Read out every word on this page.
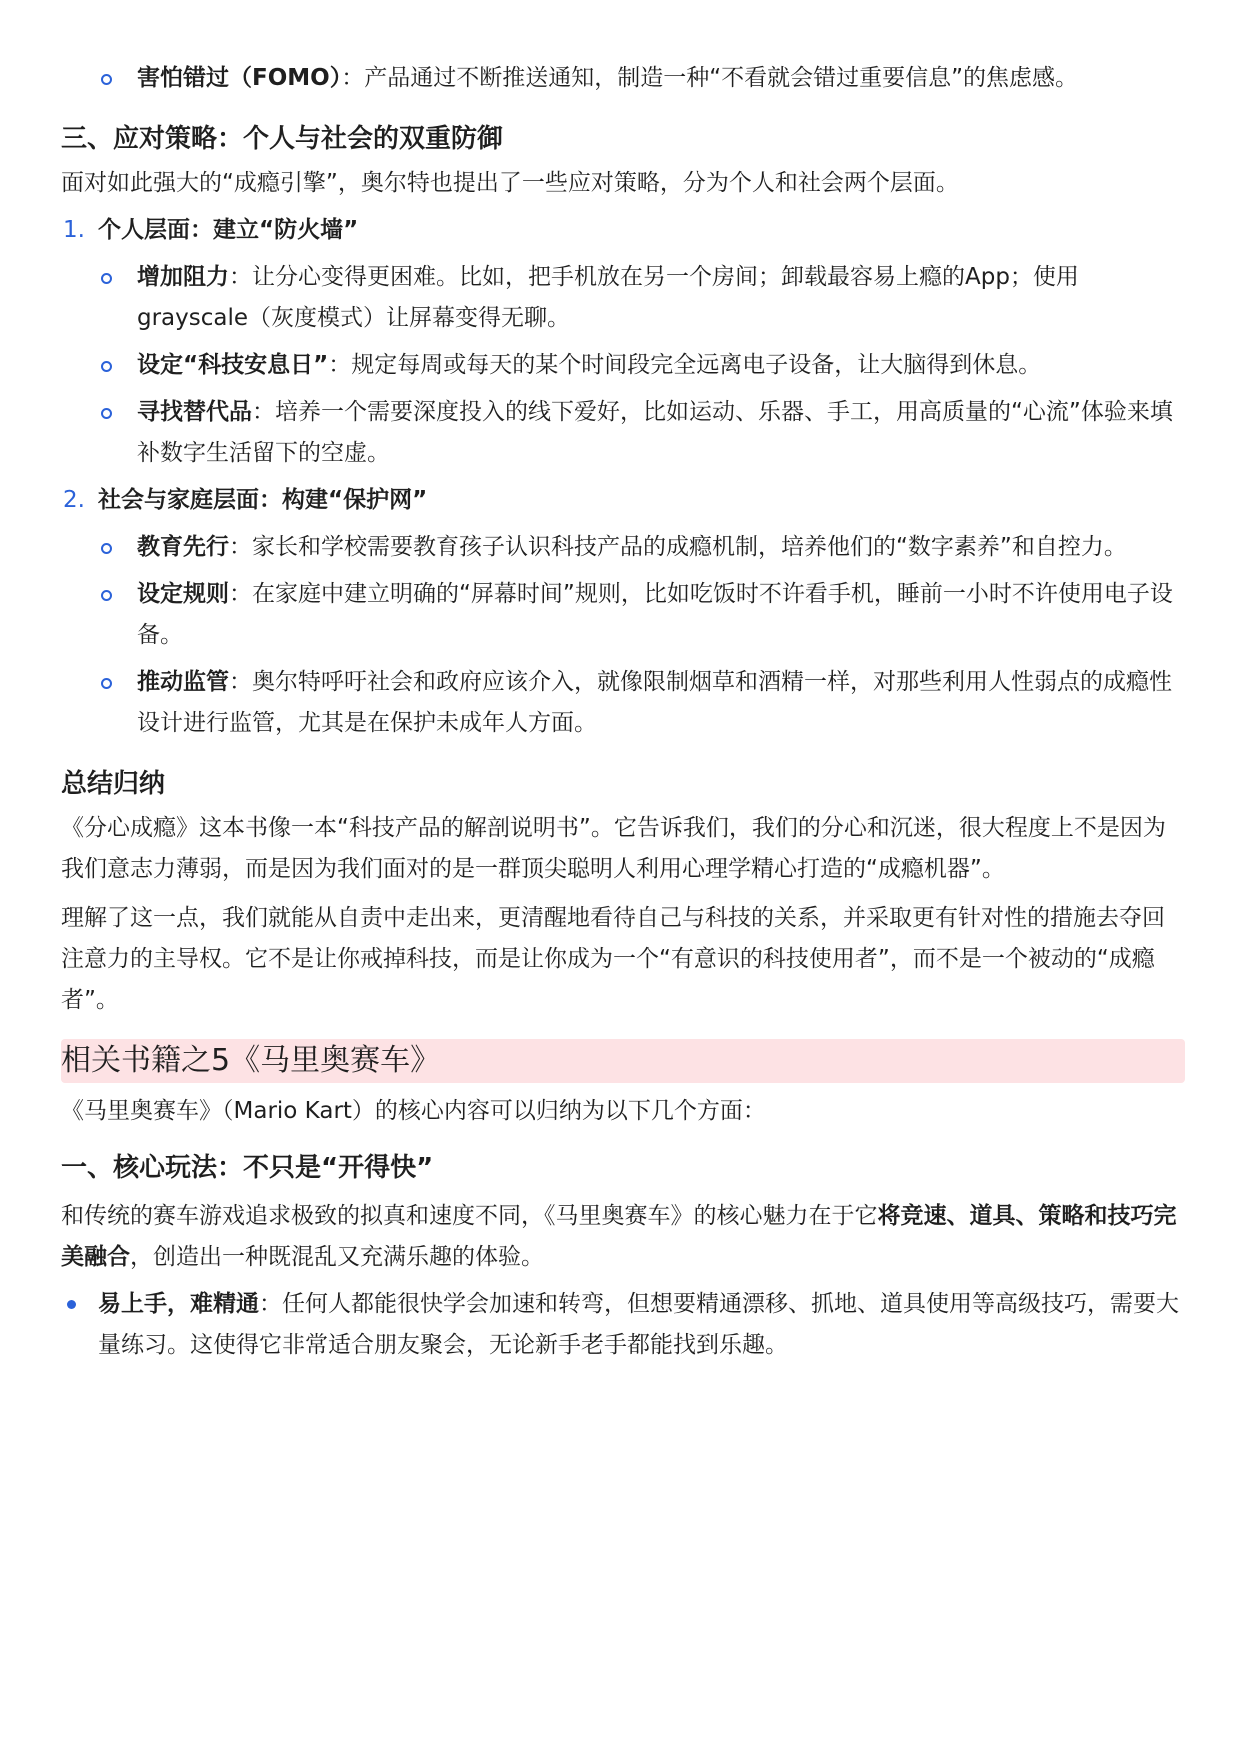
害怕错过（FOMO）：产品通过不断推送通知，制造一种“不看就会错过重要信息”的焦虑感。
三、应对策略：个人与社会的双重防御
面对如此强大的“成瘾引擎”，奥尔特也提出了一些应对策略，分为个人和社会两个层面。
1. 个人层面：建立“防火墙”
增加阻力：让分心变得更困难。比如，把手机放在另一个房间；卸载最容易上瘾的App；使用grayscale（灰度模式）让屏幕变得无聊。
设定“科技安息日”：规定每周或每天的某个时间段完全远离电子设备，让大脑得到休息。
寻找替代品：培养一个需要深度投入的线下爱好，比如运动、乐器、手工，用高质量的“心流”体验来填补数字生活留下的空虚。
2. 社会与家庭层面：构建“保护网”
教育先行：家长和学校需要教育孩子认识科技产品的成瘾机制，培养他们的“数字素养”和自控力。
设定规则：在家庭中建立明确的“屏幕时间”规则，比如吃饭时不许看手机，睡前一小时不许使用电子设备。
推动监管：奥尔特呼吁社会和政府应该介入，就像限制烟草和酒精一样，对那些利用人性弱点的成瘾性设计进行监管，尤其是在保护未成年人方面。
总结归纳
《分心成瘾》这本书像一本“科技产品的解剖说明书”。它告诉我们，我们的分心和沉迷，很大程度上不是因为我们意志力薄弱，而是因为我们面对的是一群顶尖聪明人利用心理学精心打造的“成瘾机器”。
理解了这一点，我们就能从自责中走出来，更清醒地看待自己与科技的关系，并采取更有针对性的措施去夺回注意力的主导权。它不是让你戒掉科技，而是让你成为一个“有意识的科技使用者”，而不是一个被动的“成瘾者”。
相关书籍之5《马里奥赛车》
《马里奥赛车》（Mario Kart）的核心内容可以归纳为以下几个方面：
一、核心玩法：不只是“开得快”
和传统的赛车游戏追求极致的拟真和速度不同，《马里奥赛车》的核心魅力在于它将竞速、道具、策略和技巧完美融合，创造出一种既混乱又充满乐趣的体验。
易上手，难精通：任何人都能很快学会加速和转弯，但想要精通漂移、抓地、道具使用等高级技巧，需要大量练习。这使得它非常适合朋友聚会，无论新手老手都能找到乐趣。
